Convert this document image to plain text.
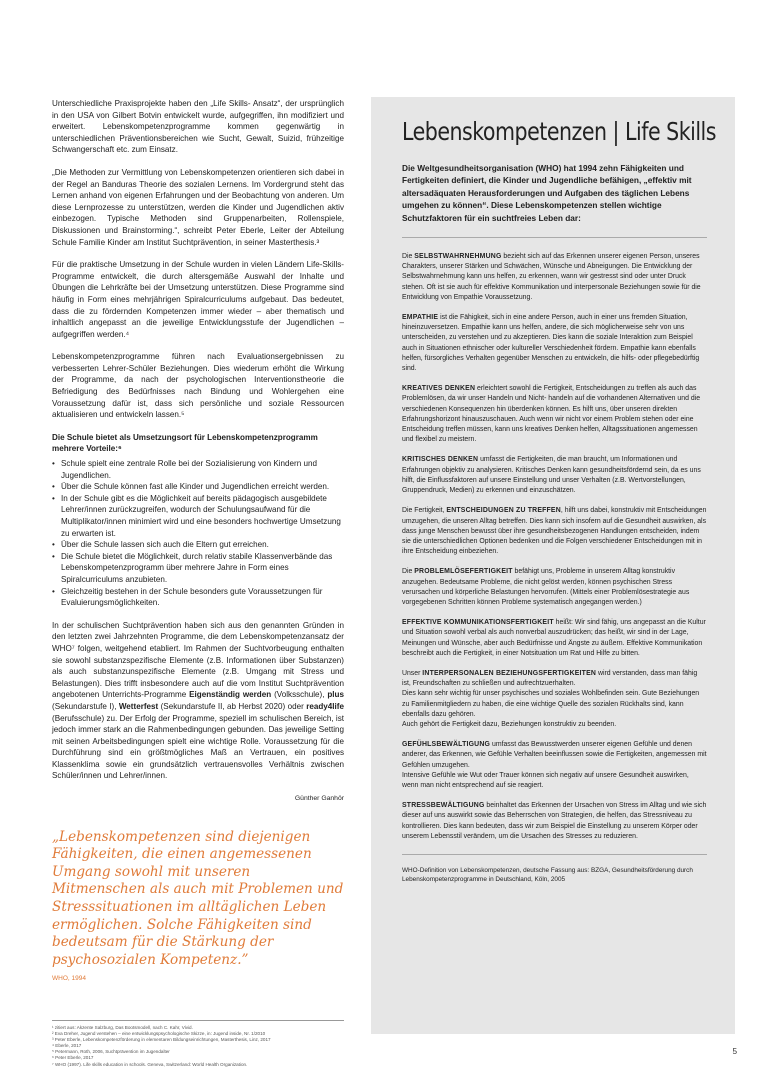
Unterschiedliche Praxisprojekte haben den „Life Skills- Ansatz“, der ursprünglich in den USA von Gilbert Botvin entwickelt wurde, aufgegriffen, ihn modifiziert und erweitert. Lebenskompetenzprogramme kommen gegenwärtig in unterschiedlichen Präventionsbereichen wie Sucht, Gewalt, Suizid, frühzeitige Schwangerschaft etc. zum Einsatz.

„Die Methoden zur Vermittlung von Lebenskompetenzen orientieren sich dabei in der Regel an Banduras Theorie des sozialen Lernens. Im Vordergrund steht das Lernen anhand von eigenen Erfahrungen und der Beobachtung von anderen. Um diese Lernprozesse zu unterstützen, werden die Kinder und Jugendlichen aktiv einbezogen. Typische Methoden sind Gruppenarbeiten, Rollenspiele, Diskussionen und Brainstorming.“, schreibt Peter Eberle, Leiter der Abteilung Schule Familie Kinder am Institut Suchtprävention, in seiner Masterthesis.³

Für die praktische Umsetzung in der Schule wurden in vielen Ländern Life-Skills-Programme entwickelt, die durch altersgemäße Auswahl der Inhalte und Übungen die Lehrkräfte bei der Umsetzung unterstützen. Diese Programme sind häufig in Form eines mehrjährigen Spiralcurriculums aufgebaut. Das bedeutet, dass die zu fördernden Kompetenzen immer wieder – aber thematisch und inhaltlich angepasst an die jeweilige Entwicklungsstufe der Jugendlichen – aufgegriffen werden.⁴

Lebenskompetenzprogramme führen nach Evaluationsergebnissen zu verbesserten Lehrer-Schüler Beziehungen. Dies wiederum erhöht die Wirkung der Programme, da nach der psychologischen Interventionstheorie die Befriedigung des Bedürfnisses nach Bindung und Wohlergehen eine Voraussetzung dafür ist, dass sich persönliche und soziale Ressourcen aktualisieren und entwickeln lassen.⁵

Die Schule bietet als Umsetzungsort für Lebenskompetenzprogramm mehrere Vorteile:⁶
• Schule spielt eine zentrale Rolle bei der Sozialisierung von Kindern und Jugendlichen.
• Über die Schule können fast alle Kinder und Jugendlichen erreicht werden.
• In der Schule gibt es die Möglichkeit auf bereits pädagogisch ausgebildete Lehrer/innen zurückzugreifen, wodurch der Schulungsaufwand für die Multiplikator/innen minimiert wird und eine besonders hochwertige Umsetzung zu erwarten ist.
• Über die Schule lassen sich auch die Eltern gut erreichen.
• Die Schule bietet die Möglichkeit, durch relativ stabile Klassenverbände das Lebenskompetenzprogramm über mehrere Jahre in Form eines Spiralcurriculums anzubieten.
• Gleichzeitig bestehen in der Schule besonders gute Voraussetzungen für Evaluierungsmöglichkeiten.

In der schulischen Suchtprävention haben sich aus den genannten Gründen in den letzten zwei Jahrzehnten Programme, die dem Lebenskompetenzansatz der WHO⁷ folgen, weitgehend etabliert. Im Rahmen der Suchtvorbeugung enthalten sie sowohl substanzspezifische Elemente (z.B. Informationen über Substanzen) als auch substanzunspezifische Elemente (z.B. Umgang mit Stress und Belastungen). Dies trifft insbesondere auch auf die vom Institut Suchtprävention angebotenen Unterrichts-Programme Eigenständig werden (Volksschule), plus (Sekundarstufe I), Wetterfest (Sekundarstufe II, ab Herbst 2020) oder ready4life (Berufsschule) zu. Der Erfolg der Programme, speziell im schulischen Bereich, ist jedoch immer stark an die Rahmenbedingungen gebunden. Das jeweilige Setting mit seinen Arbeitsbedingungen spielt eine wichtige Rolle. Voraussetzung für die Durchführung sind ein größtmögliches Maß an Vertrauen, ein positives Klassenklima sowie ein grundsätzlich vertrauensvolles Verhältnis zwischen Schüler/innen und Lehrer/innen.

Günther Ganhör
„Lebenskompetenzen sind diejenigen Fähigkeiten, die einen angemessenen Umgang sowohl mit unseren Mitmenschen als auch mit Problemen und Stresssituationen im alltäglichen Leben ermöglichen. Solche Fähigkeiten sind bedeutsam für die Stärkung der psychosozialen Kompetenz.”
WHO, 1994
¹ zitiert aus: Akzente Salzburg, Das Bootsmodell, nach C. Kahr, Vivid.
² Eva Dreher, Jugend verstehen – eine entwicklungspsychologische Skizze, in: Jugend inside, Nr. 1/2010
³ Peter Eberle, Lebenskompetenzförderung in elementaren Bildungseinrichtungen, Masterthesis, Linz, 2017
⁴ Eberle, 2017
⁵ Petermann, Roth, 2006, Suchtprävention im Jugendalter
⁶ Peter Eberle, 2017
⁷ WHO (1997). Life skills education in schools. Geneva, Switzerland: World Health Organization.
Lebenskompetenzen | Life Skills
Die Weltgesundheitsorganisation (WHO) hat 1994 zehn Fähigkeiten und Fertigkeiten definiert, die Kinder und Jugendliche befähigen, „effektiv mit altersadäquaten Herausforderungen und Aufgaben des täglichen Lebens umgehen zu können“. Diese Lebenskompetenzen stellen wichtige Schutzfaktoren für ein suchtfreies Leben dar:
Die SELBSTWAHRNEHMUNG bezieht sich auf das Erkennen unserer eigenen Person, unseres Charakters, unserer Stärken und Schwächen, Wünsche und Abneigungen. Die Entwicklung der Selbstwahrnehmung kann uns helfen, zu erkennen, wann wir gestresst sind oder unter Druck stehen. Oft ist sie auch für effektive Kommunikation und interpersonale Beziehungen sowie für die Entwicklung von Empathie Voraussetzung.
EMPATHIE ist die Fähigkeit, sich in eine andere Person, auch in einer uns fremden Situation, hineinzuversetzen. Empathie kann uns helfen, andere, die sich möglicherweise sehr von uns unterscheiden, zu verstehen und zu akzeptieren. Dies kann die soziale Interaktion zum Beispiel auch in Situationen ethnischer oder kultureller Verschiedenheit fördern. Empathie kann ebenfalls helfen, fürsorgliches Verhalten gegenüber Menschen zu entwickeln, die hilfs- oder pflegebedürftig sind.
KREATIVES DENKEN erleichtert sowohl die Fertigkeit, Entscheidungen zu treffen als auch das Problemlösen, da wir unser Handeln und Nicht- handeln auf die vorhandenen Alternativen und die verschiedenen Konsequenzen hin überdenken können. Es hilft uns, über unseren direkten Erfahrungshorizont hinauszuschauen. Auch wenn wir nicht vor einem Problem stehen oder eine Entscheidung treffen müssen, kann uns kreatives Denken helfen, Alltagssituationen angemessen und flexibel zu meistern.
KRITISCHES DENKEN umfasst die Fertigkeiten, die man braucht, um Informationen und Erfahrungen objektiv zu analysieren. Kritisches Denken kann gesundheitsfördernd sein, da es uns hilft, die Einflussfaktoren auf unsere Einstellung und unser Verhalten (z.B. Wertvorstellungen, Gruppendruck, Medien) zu erkennen und einzuschätzen.
Die Fertigkeit, ENTSCHEIDUNGEN ZU TREFFEN, hilft uns dabei, konstruktiv mit Entscheidungen umzugehen, die unseren Alltag betreffen. Dies kann sich insofern auf die Gesundheit auswirken, als dass junge Menschen bewusst über ihre gesundheitsbezogenen Handlungen entscheiden, indem sie die unterschiedlichen Optionen bedenken und die Folgen verschiedener Entscheidungen mit in ihre Entscheidung einbeziehen.
Die PROBLEMLÖSEFERTIGKEIT befähigt uns, Probleme in unserem Alltag konstruktiv anzugehen. Bedeutsame Probleme, die nicht gelöst werden, können psychischen Stress verursachen und körperliche Belastungen hervorrufen. (Mittels einer Problemlösestrategie aus vorgegebenen Schritten können Probleme systematisch angegangen werden.)
EFFEKTIVE KOMMUNIKATIONSFERTIGKEIT heißt: Wir sind fähig, uns angepasst an die Kultur und Situation sowohl verbal als auch nonverbal auszudrücken; das heißt, wir sind in der Lage, Meinungen und Wünsche, aber auch Bedürfnisse und Ängste zu äußern. Effektive Kommunikation beschreibt auch die Fertigkeit, in einer Notsituation um Rat und Hilfe zu bitten.
Unser INTERPERSONALEN BEZIEHUNGSFERTIGKEITEN wird verstanden, dass man fähig ist, Freundschaften zu schließen und aufrechtzuerhalten.
Dies kann sehr wichtig für unser psychisches und soziales Wohlbefinden sein. Gute Beziehungen zu Familienmitgliedern zu haben, die eine wichtige Quelle des sozialen Rückhalts sind, kann ebenfalls dazu gehören.
Auch gehört die Fertigkeit dazu, Beziehungen konstruktiv zu beenden.
GEFÜHLSBEWÄLTIGUNG umfasst das Bewusstwerden unserer eigenen Gefühle und denen anderer, das Erkennen, wie Gefühle Verhalten beeinflussen sowie die Fertigkeiten, angemessen mit Gefühlen umzugehen.
Intensive Gefühle wie Wut oder Trauer können sich negativ auf unsere Gesundheit auswirken, wenn man nicht entsprechend auf sie reagiert.
STRESSBEWÄLTIGUNG beinhaltet das Erkennen der Ursachen von Stress im Alltag und wie sich dieser auf uns auswirkt sowie das Beherrschen von Strategien, die helfen, das Stressniveau zu kontrollieren. Dies kann bedeuten, dass wir zum Beispiel die Einstellung zu unserem Körper oder unserem Lebensstil verändern, um die Ursachen des Stresses zu reduzieren.
WHO-Definition von Lebenskompetenzen, deutsche Fassung aus: BZGA, Gesundheitsförderung durch Lebenskompetenzprogramme in Deutschland, Köln, 2005
5
